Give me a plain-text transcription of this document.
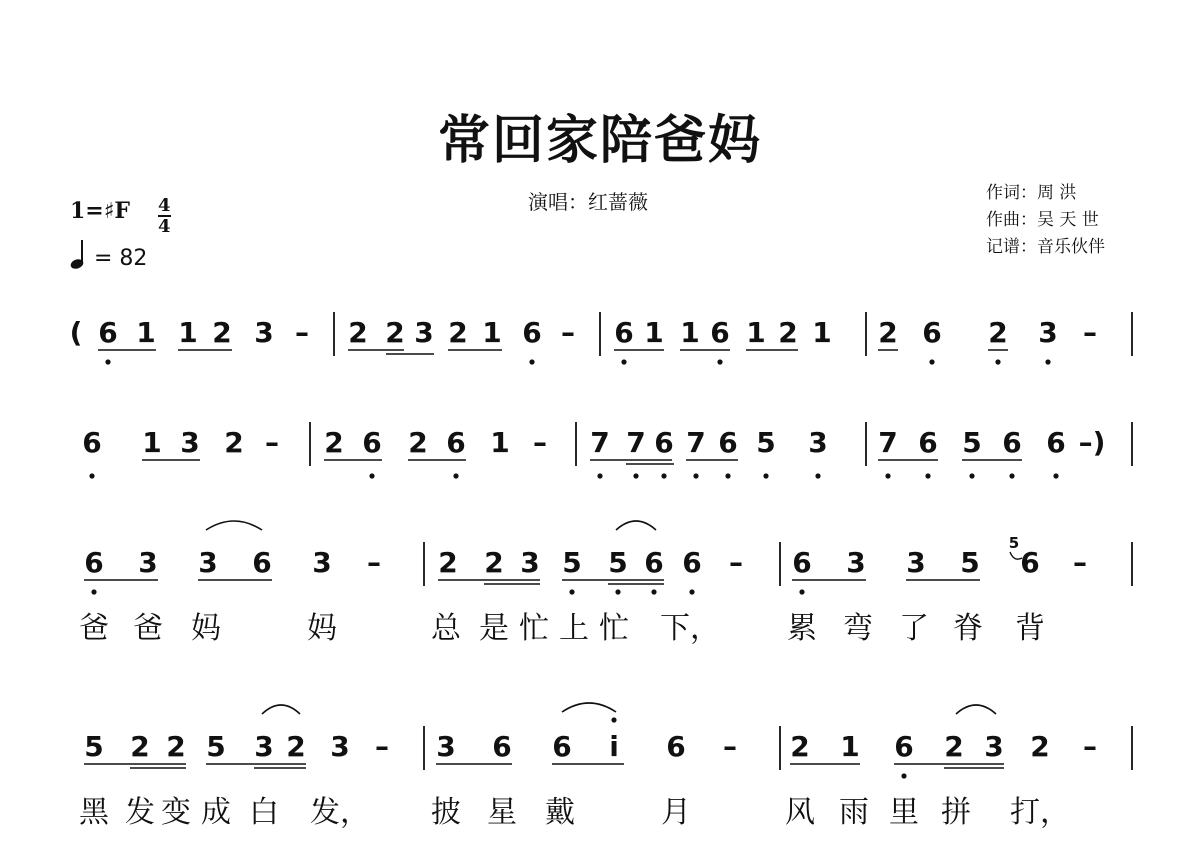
常回家陪爸妈
演唱：红蔷薇	作词：周 洪
作曲：吴 天 世
记谱：音乐伙伴
1=♯F 4
4
= 82
( 6 1 1 2 3 – 2 2 3 2 1 6 – 6 1 1 6 1 2 1 2 6 2 3 –
6 1 3 2 – 2 6 2 6 1 – 7 7 6 7 6 5 3 7 6 5 6 6 –)
6 3 3 6 3 – 2 2 3 5 5 6 6 – 6 3 3 5 6 –
5
5 2 2 5 3 2 3 – 3 6 6 i 6 – 2 1 6 2 3 2 –
爸 爸 妈	妈	总 是 忙 上 忙 下， 累 弯 了 脊 背
黑 发 变 成 白 发， 披 星 戴	月	风 雨 里 拼 打，
